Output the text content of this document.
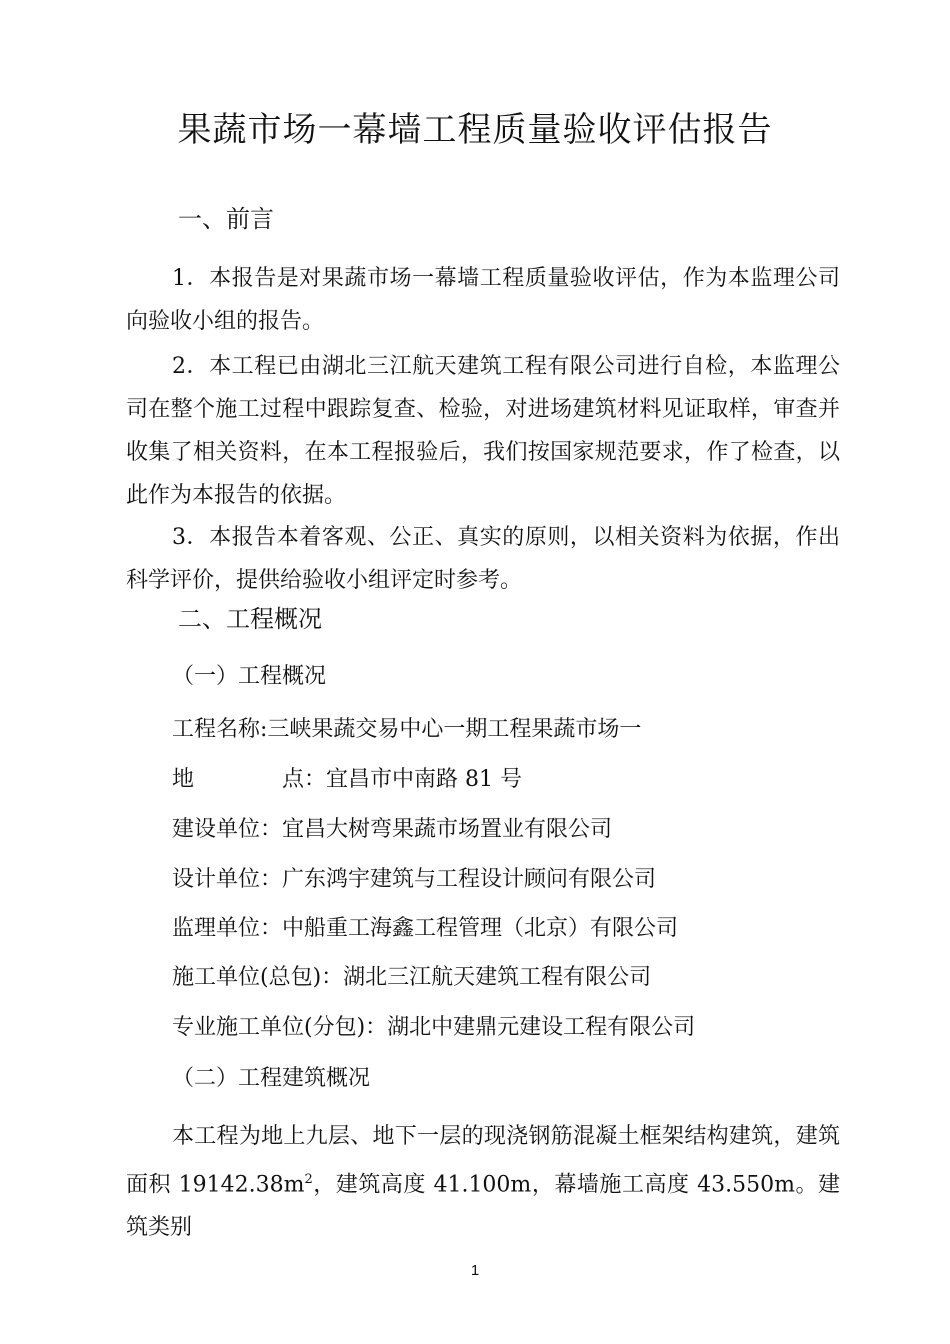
果蔬市场一幕墙工程质量验收评估报告
一、前言
1．本报告是对果蔬市场一幕墙工程质量验收评估，作为本监理公司向验收小组的报告。
2．本工程已由湖北三江航天建筑工程有限公司进行自检，本监理公司在整个施工过程中跟踪复查、检验，对进场建筑材料见证取样，审查并收集了相关资料，在本工程报验后，我们按国家规范要求，作了检查，以此作为本报告的依据。
3．本报告本着客观、公正、真实的原则，以相关资料为依据，作出科学评价，提供给验收小组评定时参考。
二、工程概况
（一）工程概况
工程名称:三峡果蔬交易中心一期工程果蔬市场一
地	点：宜昌市中南路 81 号
建设单位：宜昌大树弯果蔬市场置业有限公司
设计单位：广东鸿宇建筑与工程设计顾问有限公司
监理单位：中船重工海鑫工程管理（北京）有限公司
施工单位(总包)：湖北三江航天建筑工程有限公司
专业施工单位(分包)：湖北中建鼎元建设工程有限公司
（二）工程建筑概况
本工程为地上九层、地下一层的现浇钢筋混凝土框架结构建筑，建筑面积 $19142.38m^2$，建筑高度 41.100m，幕墙施工高度 43.550m。建筑类别
1
